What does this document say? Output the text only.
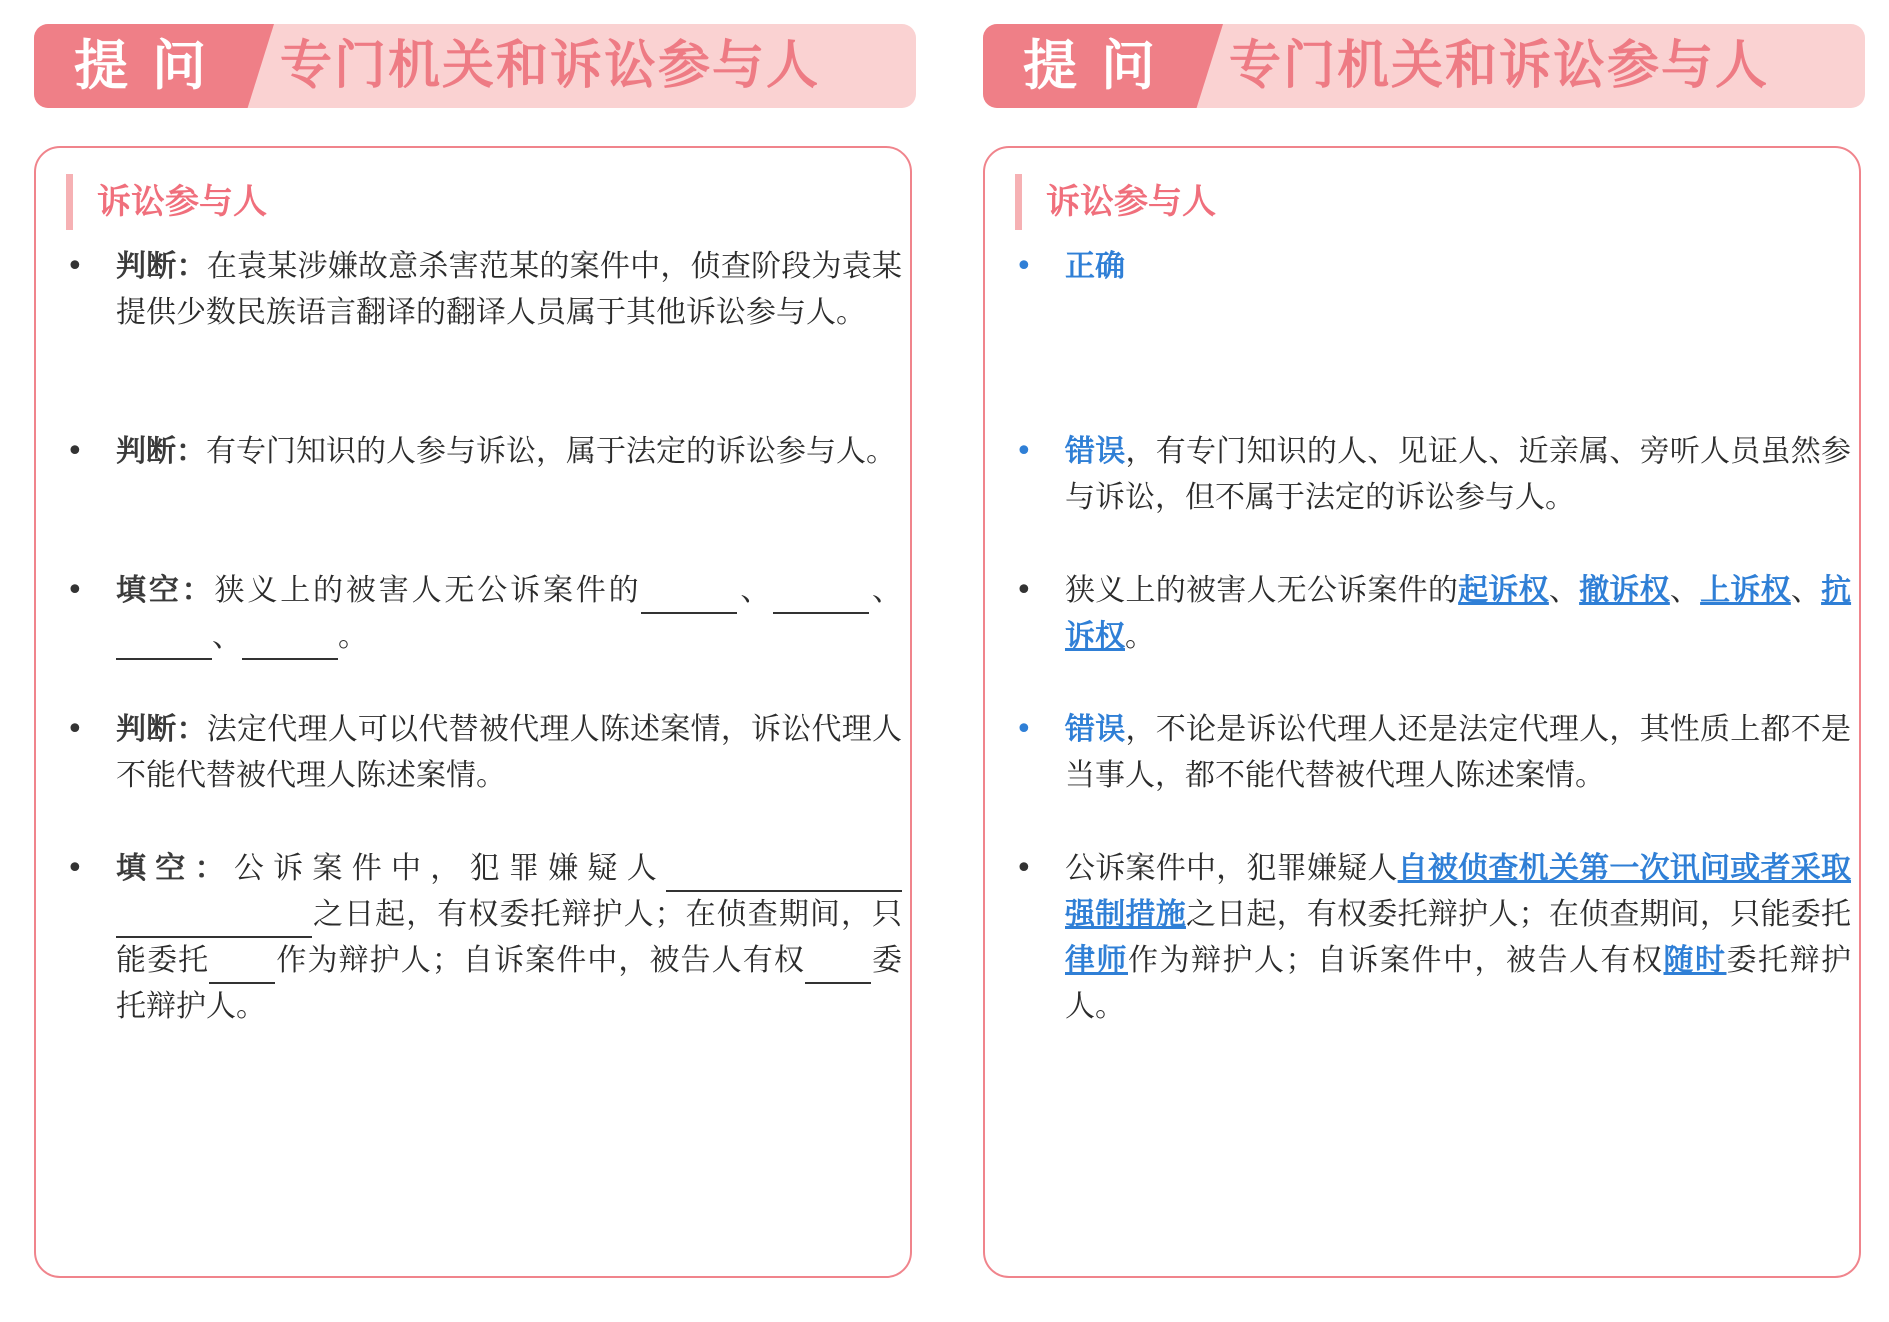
提问 专门机关和诉讼参与人
诉讼参与人
• 判断：在袁某涉嫌故意杀害范某的案件中，侦查阶段为袁某提供少数民族语言翻译的翻译人员属于其他诉讼参与人。
• 判断：有专门知识的人参与诉讼，属于法定的诉讼参与人。
• 填空：狭义上的被害人无公诉案件的	、	、、	。
• 判断：法定代理人可以代替被代理人陈述案情，诉讼代理人不能代替被代理人陈述案情。
• 填空：公诉案件中，犯罪嫌疑人之日起，有权委托辩护人；在侦查期间，只能委托 作为辩护人；自诉案件中，被告人有权 委托辩护人。
提问 专门机关和诉讼参与人
诉讼参与人
• 正确
• 错误，有专门知识的人、见证人、近亲属、旁听人员虽然参与诉讼，但不属于法定的诉讼参与人。
• 狭义上的被害人无公诉案件的起诉权、撤诉权、上诉权、抗诉权。
• 错误，不论是诉讼代理人还是法定代理人，其性质上都不是当事人，都不能代替被代理人陈述案情。
• 公诉案件中，犯罪嫌疑人自被侦查机关第一次讯问或者采取强制措施之日起，有权委托辩护人；在侦查期间，只能委托律师作为辩护人；自诉案件中，被告人有权随时委托辩护人。
